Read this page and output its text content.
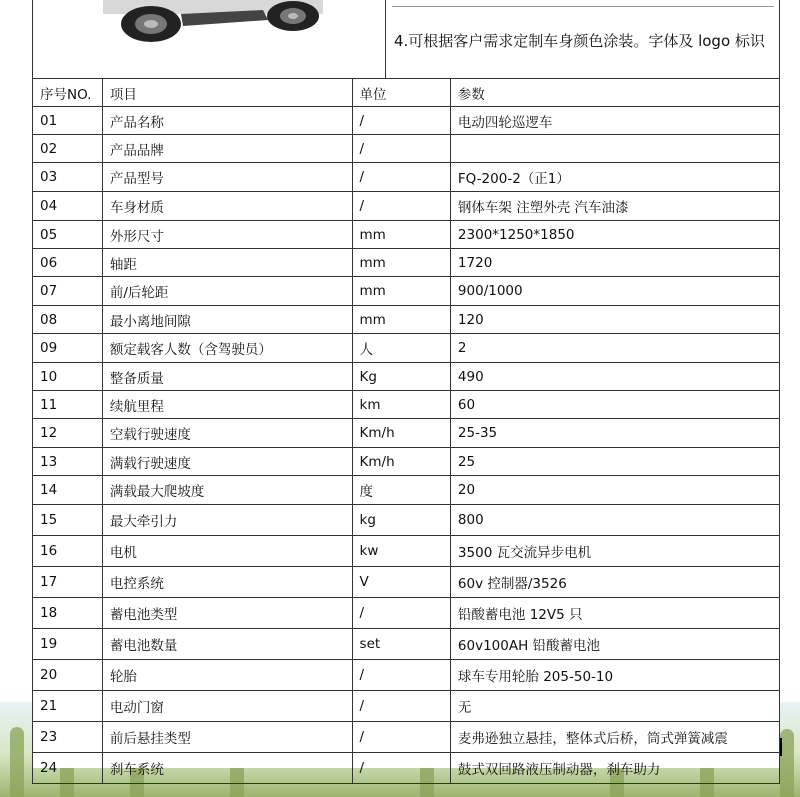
4.可根据客户需求定制车身颜色涂装。字体及 logo 标识
序号NO.	项目	单位	参数
01	产品名称	/	电动四轮巡逻车
02	产品品牌	/	
03	产品型号	/	FQ-200-2（正1）
04	车身材质	/	钢体车架 注塑外壳 汽车油漆
05	外形尺寸	mm	2300*1250*1850
06	轴距	mm	1720
07	前/后轮距	mm	900/1000
08	最小离地间隙	mm	120
09	额定载客人数（含驾驶员）	人	2
10	整备质量	Kg	490
11	续航里程	km	60
12	空载行驶速度	Km/h	25-35
13	满载行驶速度	Km/h	25
14	满载最大爬坡度	度	20
15	最大牵引力	kg	800
16	电机	kw	3500 瓦交流异步电机
17	电控系统	V	60v 控制器/3526
18	蓄电池类型	/	铅酸蓄电池 12V5 只
19	蓄电池数量	set	60v100AH 铅酸蓄电池
20	轮胎	/	球车专用轮胎 205-50-10
21	电动门窗	/	无
23	前后悬挂类型	/	麦弗逊独立悬挂，整体式后桥，筒式弹簧减震
24	刹车系统	/	鼓式双回路液压制动器，刹车助力
